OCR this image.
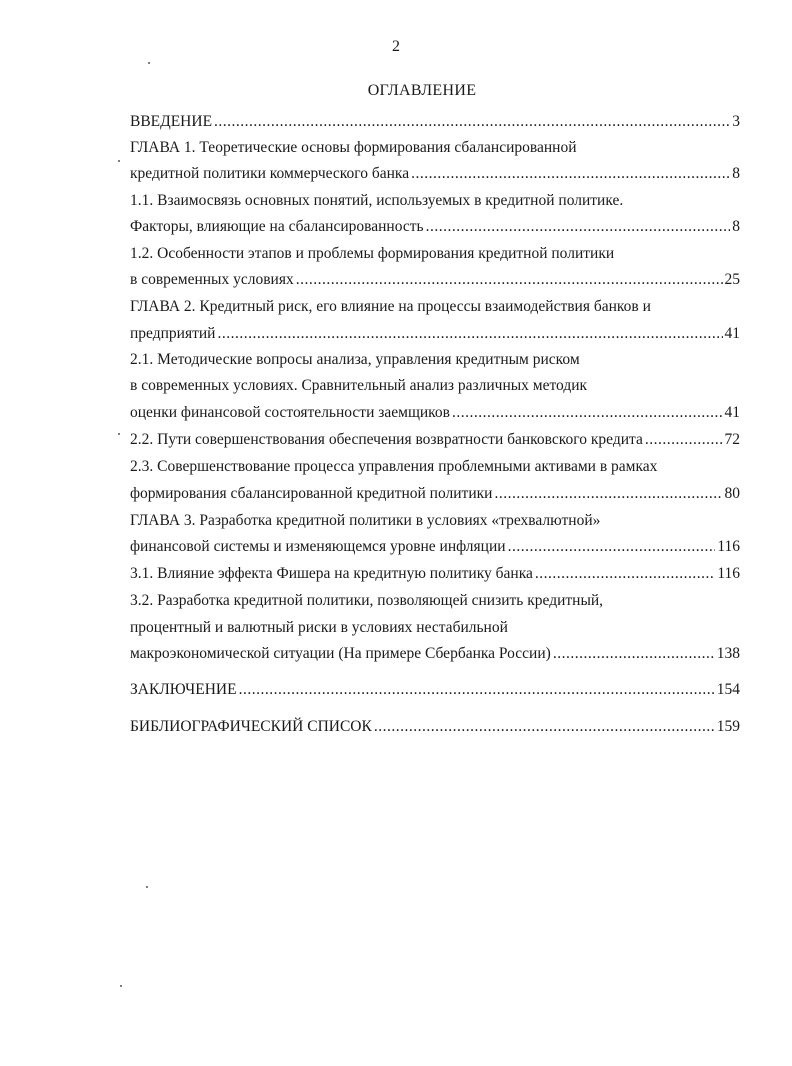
2
ОГЛАВЛЕНИЕ
ВВЕДЕНИЕ .....	3
ГЛАВА 1. Теоретические основы формирования сбалансированной
кредитной политики коммерческого банка .....	8
1.1. Взаимосвязь основных понятий, используемых в кредитной политике.
Факторы, влияющие на сбалансированность .....	8
1.2. Особенности этапов и проблемы формирования кредитной политики
в современных условиях .....	25
ГЛАВА 2. Кредитный риск, его влияние на процессы взаимодействия банков и
предприятий .....	41
2.1. Методические вопросы анализа, управления кредитным риском
в современных условиях. Сравнительный анализ различных методик
оценки финансовой состоятельности заемщиков .....	41
2.2. Пути совершенствования обеспечения возвратности банковского кредита .....	72
2.3. Совершенствование процесса управления проблемными активами в рамках
формирования сбалансированной кредитной политики .....	80
ГЛАВА 3. Разработка кредитной политики в условиях «трехвалютной»
финансовой системы и изменяющемся уровне инфляции .....	116
3.1. Влияние эффекта Фишера на кредитную политику банка .....	116
3.2. Разработка кредитной политики, позволяющей снизить кредитный,
процентный и валютный риски в условиях нестабильной
макроэкономической ситуации (На примере Сбербанка России) .....	138
ЗАКЛЮЧЕНИЕ .....	154
БИБЛИОГРАФИЧЕСКИЙ СПИСОК .....	159
